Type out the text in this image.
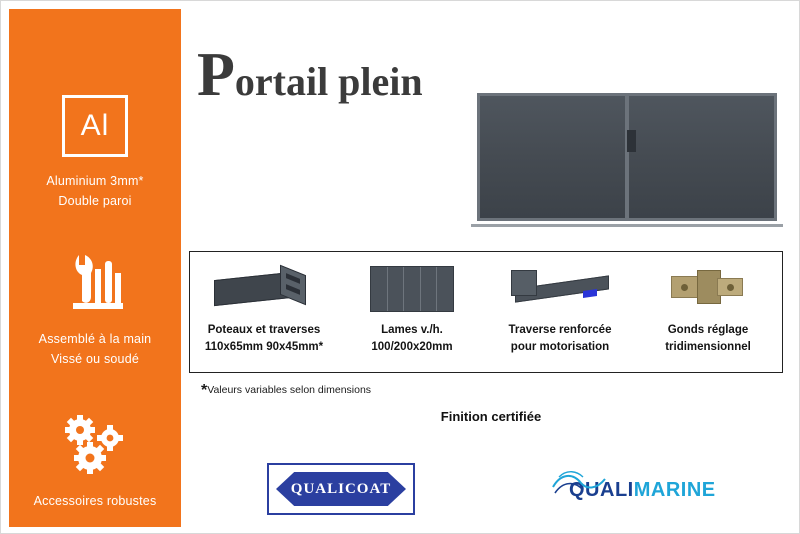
Al
Aluminium 3mm*
Double paroi
Assemblé à la main
Vissé ou soudé
Accessoires robustes
Portail plein
Poteaux et traverses
110x65mm 90x45mm*
Lames v./h.
100/200x20mm
Traverse renforcée
pour motorisation
Gonds réglage
tridimensionnel
*Valeurs variables selon dimensions
Finition certifiée
QUALICOAT	QUALIMARINE
